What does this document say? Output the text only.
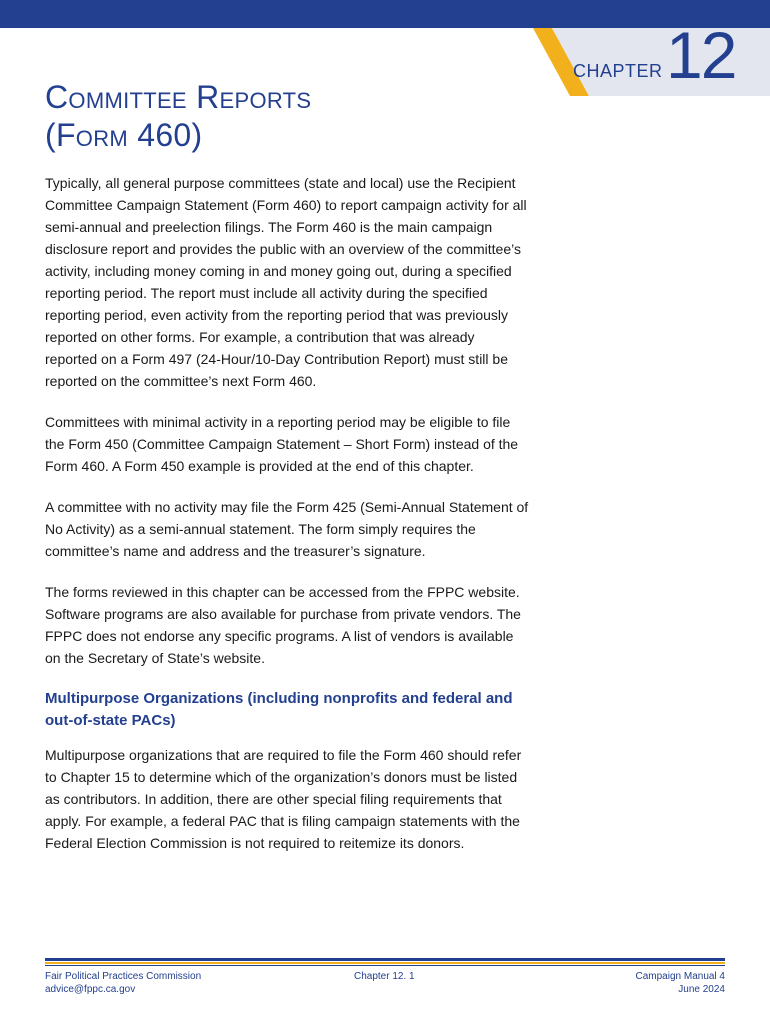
CHAPTER 12
Committee Reports
(Form 460)

Typically, all general purpose committees (state and local) use the Recipient Committee Campaign Statement (Form 460) to report campaign activity for all semi-annual and preelection filings. The Form 460 is the main campaign disclosure report and provides the public with an overview of the committee’s activity, including money coming in and money going out, during a specified reporting period. The report must include all activity during the specified reporting period, even activity from the reporting period that was previously reported on other forms. For example, a contribution that was already reported on a Form 497 (24-Hour/10-Day Contribution Report) must still be reported on the committee’s next Form 460.

Committees with minimal activity in a reporting period may be eligible to file the Form 450 (Committee Campaign Statement – Short Form) instead of the Form 460. A Form 450 example is provided at the end of this chapter.

A committee with no activity may file the Form 425 (Semi-Annual Statement of No Activity) as a semi-annual statement. The form simply requires the committee’s name and address and the treasurer’s signature.

The forms reviewed in this chapter can be accessed from the FPPC website. Software programs are also available for purchase from private vendors. The FPPC does not endorse any specific programs. A list of vendors is available on the Secretary of State’s website.

Multipurpose Organizations (including nonprofits and federal and out-of-state PACs)

Multipurpose organizations that are required to file the Form 460 should refer to Chapter 15 to determine which of the organization’s donors must be listed as contributors. In addition, there are other special filing requirements that apply. For example, a federal PAC that is filing campaign statements with the Federal Election Commission is not required to reitemize its donors.

Fair Political Practices Commission
advice@fppc.ca.gov
Chapter 12. 1	Campaign Manual 4
June 2024
